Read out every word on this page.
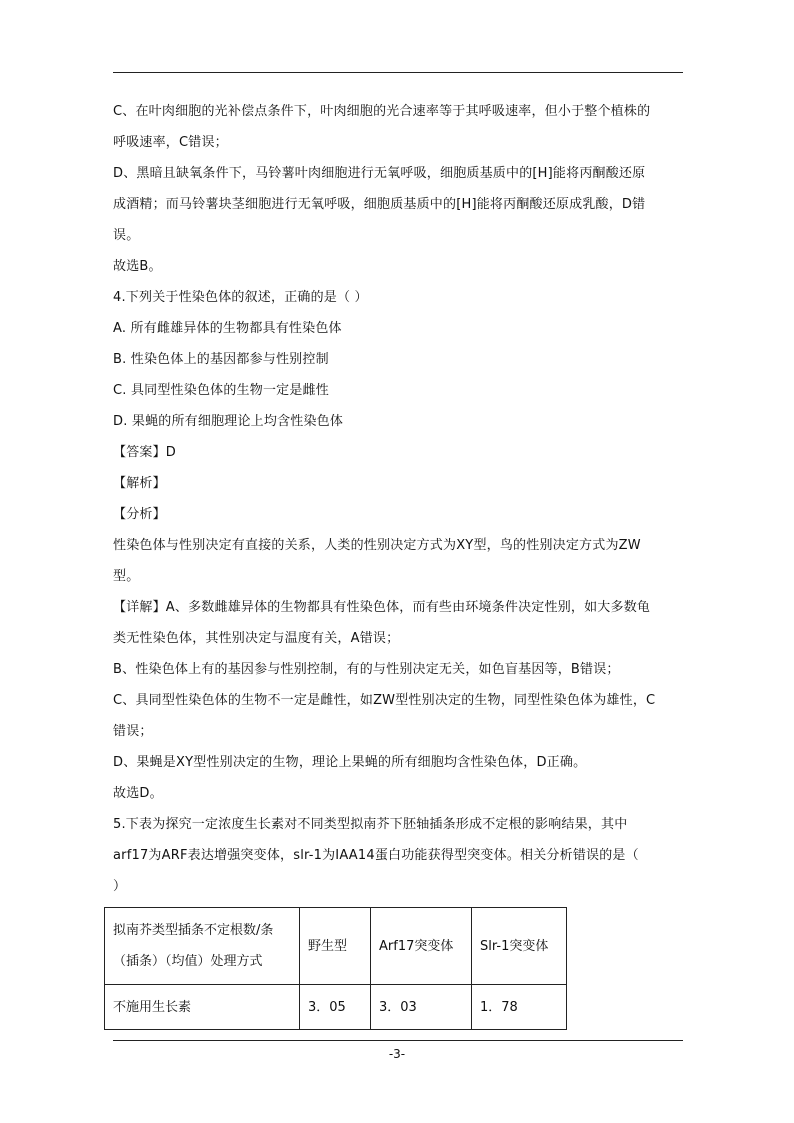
C、在叶肉细胞的光补偿点条件下，叶肉细胞的光合速率等于其呼吸速率，但小于整个植株的

呼吸速率，C错误；

D、黑暗且缺氧条件下，马铃薯叶肉细胞进行无氧呼吸，细胞质基质中的[H]能将丙酮酸还原

成酒精；而马铃薯块茎细胞进行无氧呼吸，细胞质基质中的[H]能将丙酮酸还原成乳酸，D错

误。

故选B。

4.下列关于性染色体的叙述，正确的是（ ）

A. 所有雌雄异体的生物都具有性染色体

B. 性染色体上的基因都参与性别控制

C. 具同型性染色体的生物一定是雌性

D. 果蝇的所有细胞理论上均含性染色体

【答案】D

【解析】

【分析】

性染色体与性别决定有直接的关系，人类的性别决定方式为XY型，鸟的性别决定方式为ZW

型。

【详解】A、多数雌雄异体的生物都具有性染色体，而有些由环境条件决定性别，如大多数龟

类无性染色体，其性别决定与温度有关，A错误；

B、性染色体上有的基因参与性别控制，有的与性别决定无关，如色盲基因等，B错误；

C、具同型性染色体的生物不一定是雌性，如ZW型性别决定的生物，同型性染色体为雄性，C

错误；

D、果蝇是XY型性别决定的生物，理论上果蝇的所有细胞均含性染色体，D正确。

故选D。

5.下表为探究一定浓度生长素对不同类型拟南芥下胚轴插条形成不定根的影响结果，其中

arf17为ARF表达增强突变体，slr-1为IAA14蛋白功能获得型突变体。相关分析错误的是（

）

拟南芥类型插条不定根数/条（插条）（均值）处理方式	野生型	Arf17突变体	Slr-1突变体
不施用生长素	3．05	3．03	1．78
-3-
